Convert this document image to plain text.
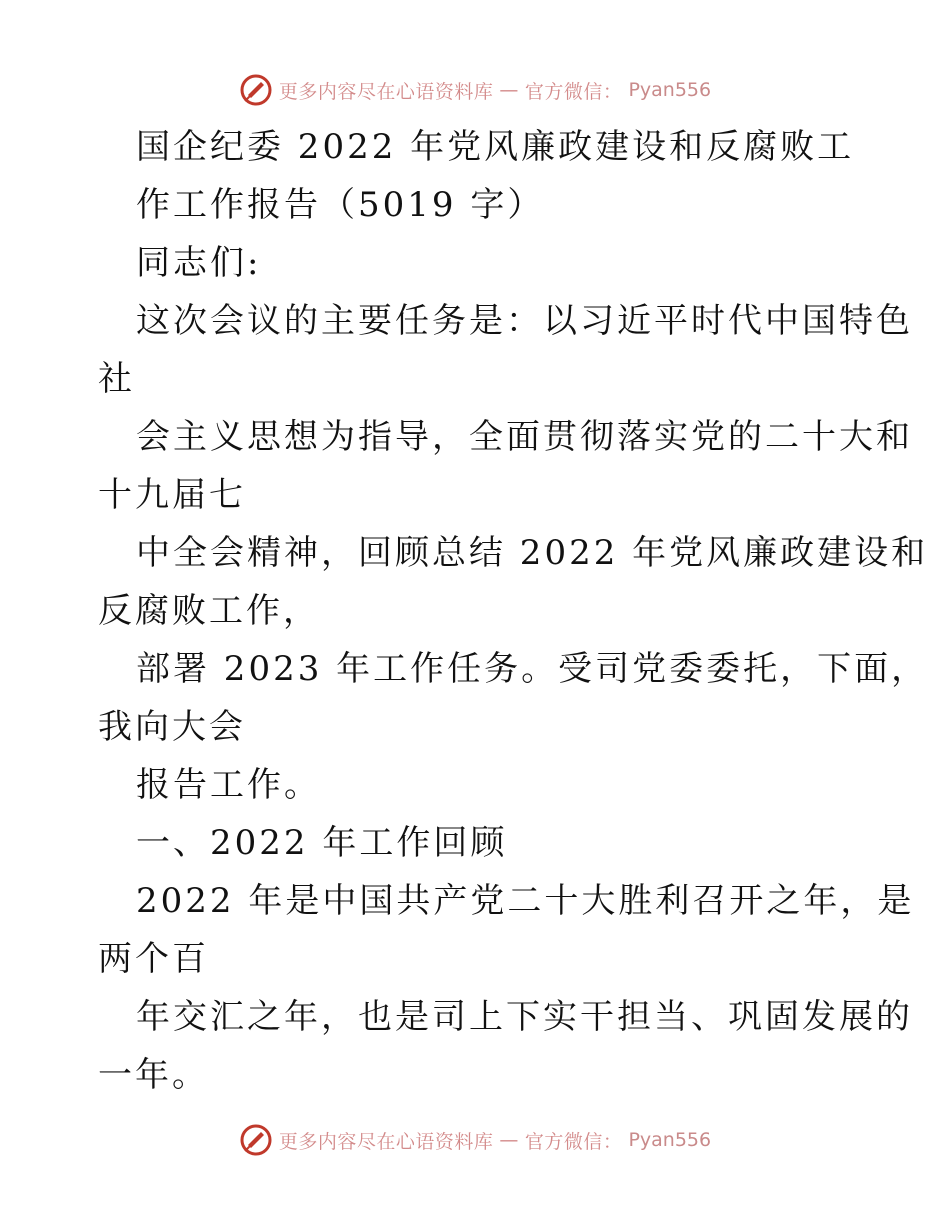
更多内容尽在心语资料库 — 官方微信： Pyan556
国企纪委 2022 年党风廉政建设和反腐败工
作工作报告（5019 字）
同志们:
这次会议的主要任务是：以习近平时代中国特色
社
会主义思想为指导，全面贯彻落实党的二十大和
十九届七
中全会精神，回顾总结 2022 年党风廉政建设和
反腐败工作，
部署 2023 年工作任务。受司党委委托，下面，
我向大会
报告工作。
一、2022 年工作回顾
2022 年是中国共产党二十大胜利召开之年，是
两个百
年交汇之年，也是司上下实干担当、巩固发展的
一年。
更多内容尽在心语资料库 — 官方微信： Pyan556
